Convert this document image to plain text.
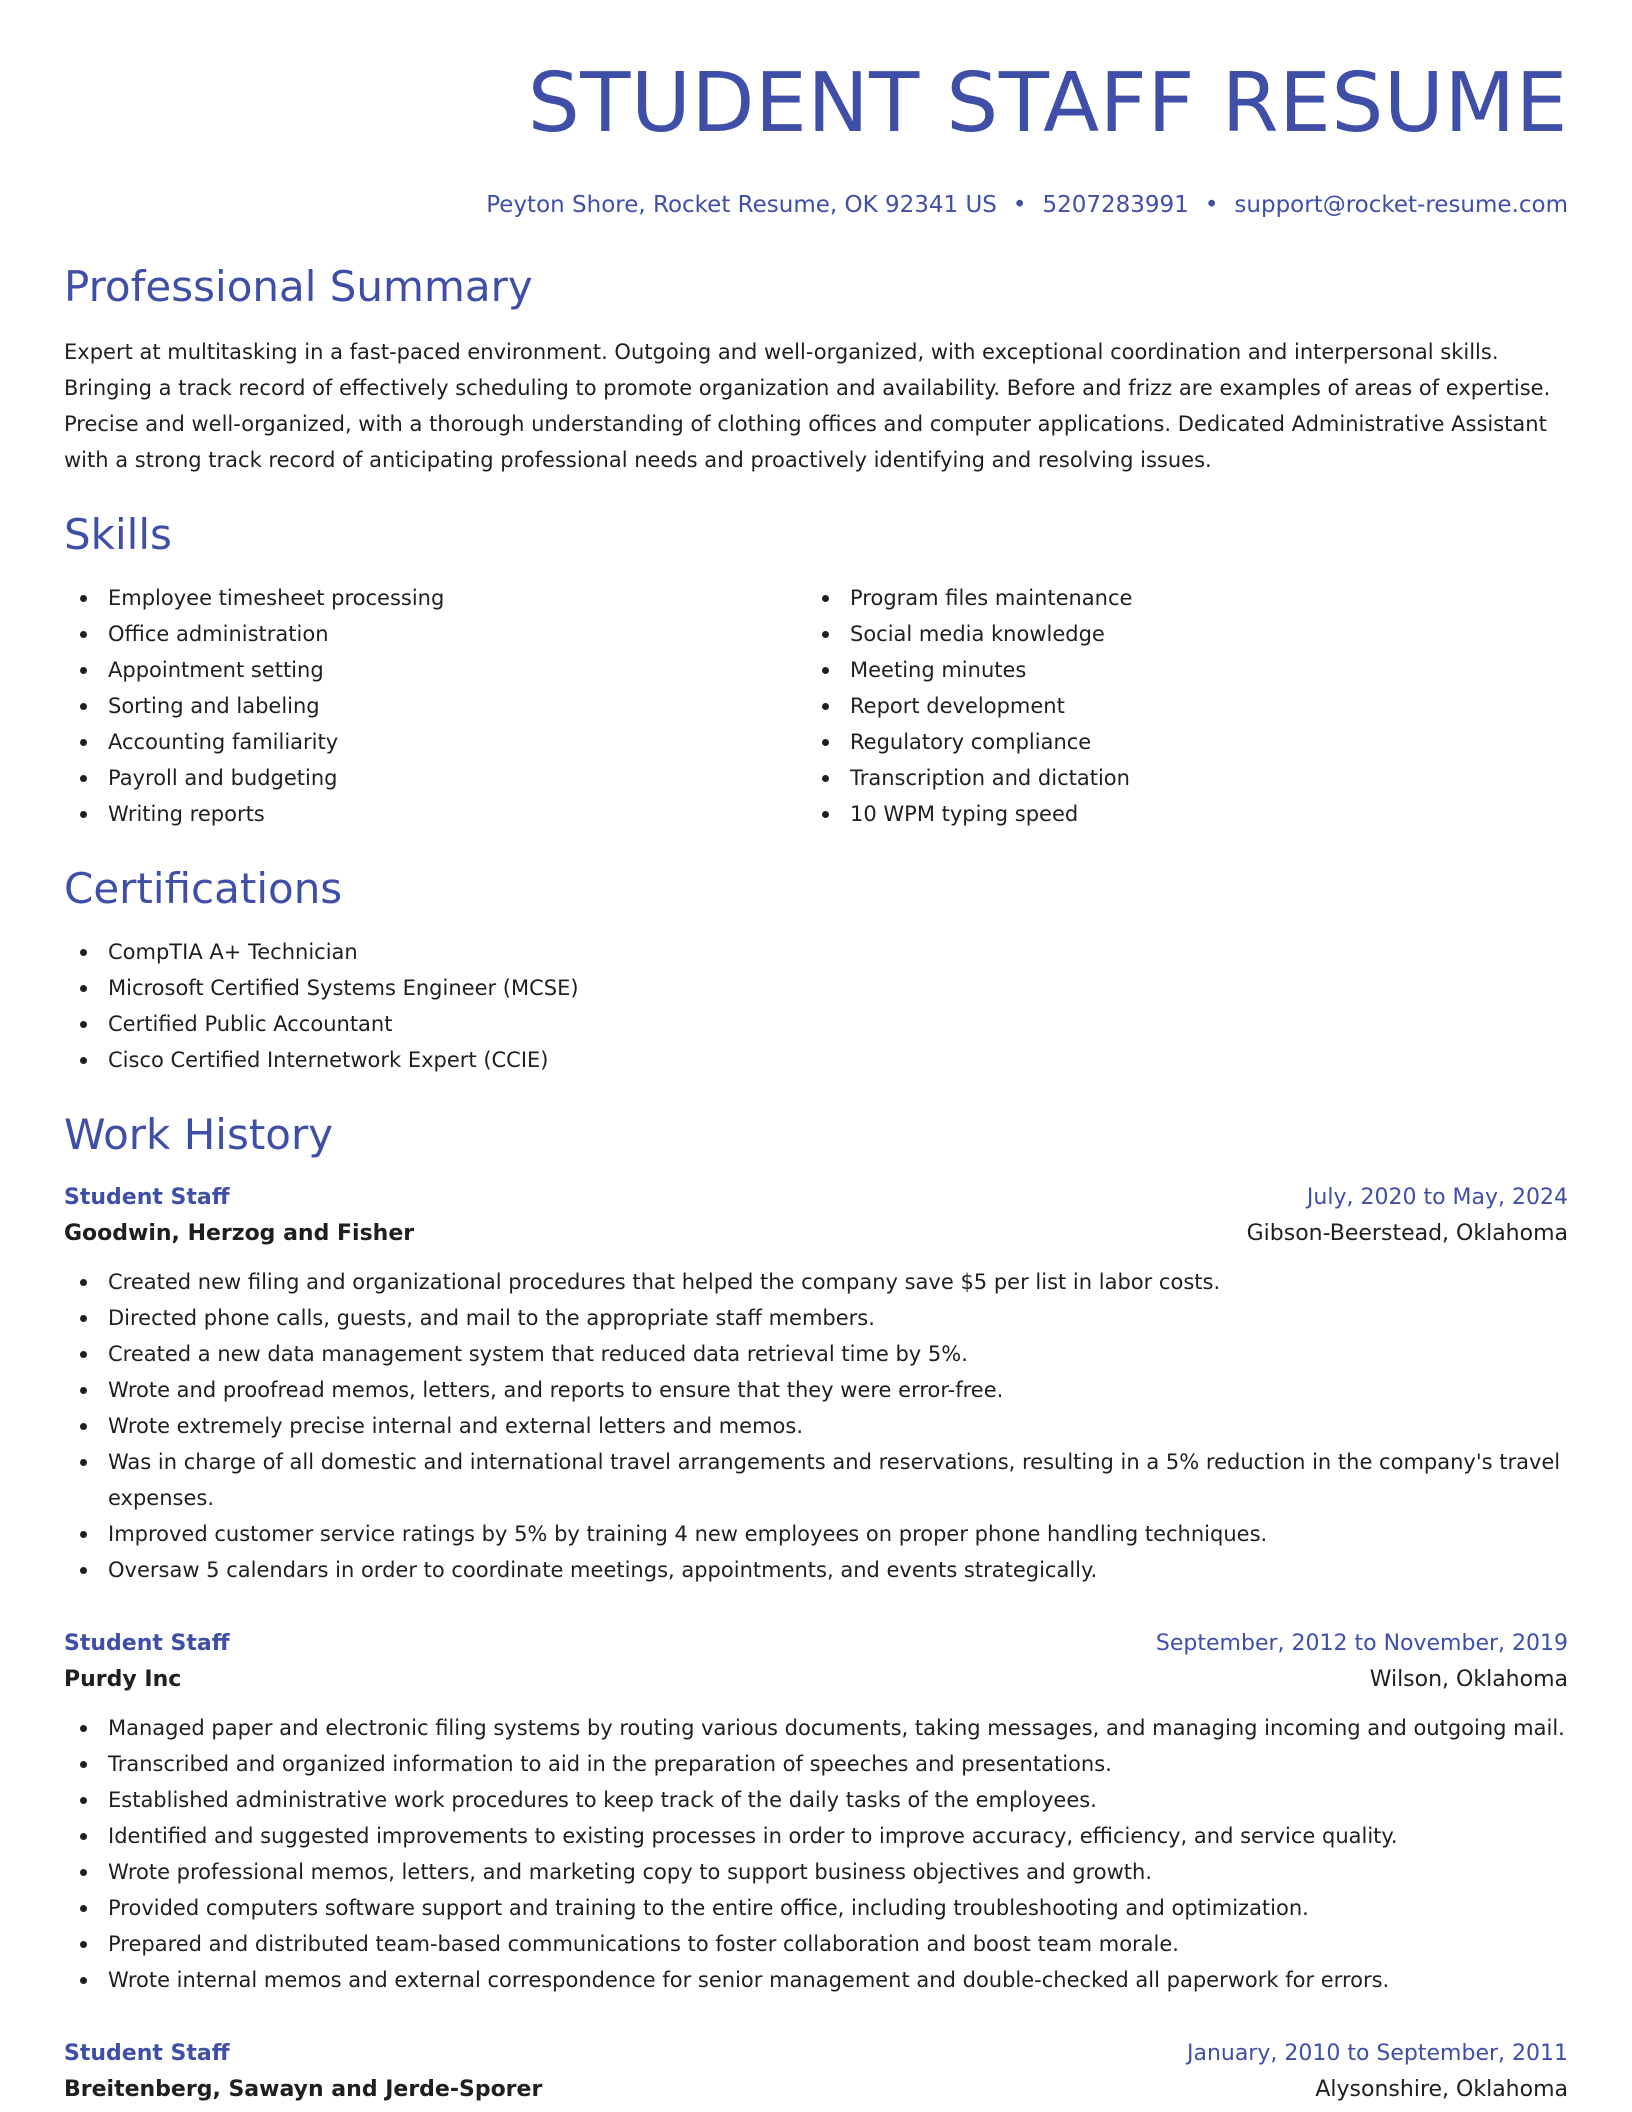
STUDENT STAFF RESUME
Peyton Shore, Rocket Resume, OK 92341 US • 5207283991 • support@rocket-resume.com
Professional Summary

Expert at multitasking in a fast-paced environment. Outgoing and well-organized, with exceptional coordination and interpersonal skills. Bringing a track record of effectively scheduling to promote organization and availability. Before and frizz are examples of areas of expertise. Precise and well-organized, with a thorough understanding of clothing offices and computer applications. Dedicated Administrative Assistant with a strong track record of anticipating professional needs and proactively identifying and resolving issues.

Skills
Employee timesheet processing
Office administration
Appointment setting
Sorting and labeling
Accounting familiarity
Payroll and budgeting
Writing reports
Program files maintenance
Social media knowledge
Meeting minutes
Report development
Regulatory compliance
Transcription and dictation
10 WPM typing speed
Certifications
CompTIA A+ Technician
Microsoft Certified Systems Engineer (MCSE)
Certified Public Accountant
Cisco Certified Internetwork Expert (CCIE)
Work History
Student Staff	July, 2020 to May, 2024
Goodwin, Herzog and Fisher	Gibson-Beerstead, Oklahoma
Created new filing and organizational procedures that helped the company save $5 per list in labor costs.
Directed phone calls, guests, and mail to the appropriate staff members.
Created a new data management system that reduced data retrieval time by 5%.
Wrote and proofread memos, letters, and reports to ensure that they were error-free.
Wrote extremely precise internal and external letters and memos.
Was in charge of all domestic and international travel arrangements and reservations, resulting in a 5% reduction in the company's travel expenses.
Improved customer service ratings by 5% by training 4 new employees on proper phone handling techniques.
Oversaw 5 calendars in order to coordinate meetings, appointments, and events strategically.
Student Staff	September, 2012 to November, 2019
Purdy Inc	Wilson, Oklahoma
Managed paper and electronic filing systems by routing various documents, taking messages, and managing incoming and outgoing mail.
Transcribed and organized information to aid in the preparation of speeches and presentations.
Established administrative work procedures to keep track of the daily tasks of the employees.
Identified and suggested improvements to existing processes in order to improve accuracy, efficiency, and service quality.
Wrote professional memos, letters, and marketing copy to support business objectives and growth.
Provided computers software support and training to the entire office, including troubleshooting and optimization.
Prepared and distributed team-based communications to foster collaboration and boost team morale.
Wrote internal memos and external correspondence for senior management and double-checked all paperwork for errors.
Student Staff	January, 2010 to September, 2011
Breitenberg, Sawayn and Jerde-Sporer	Alysonshire, Oklahoma
